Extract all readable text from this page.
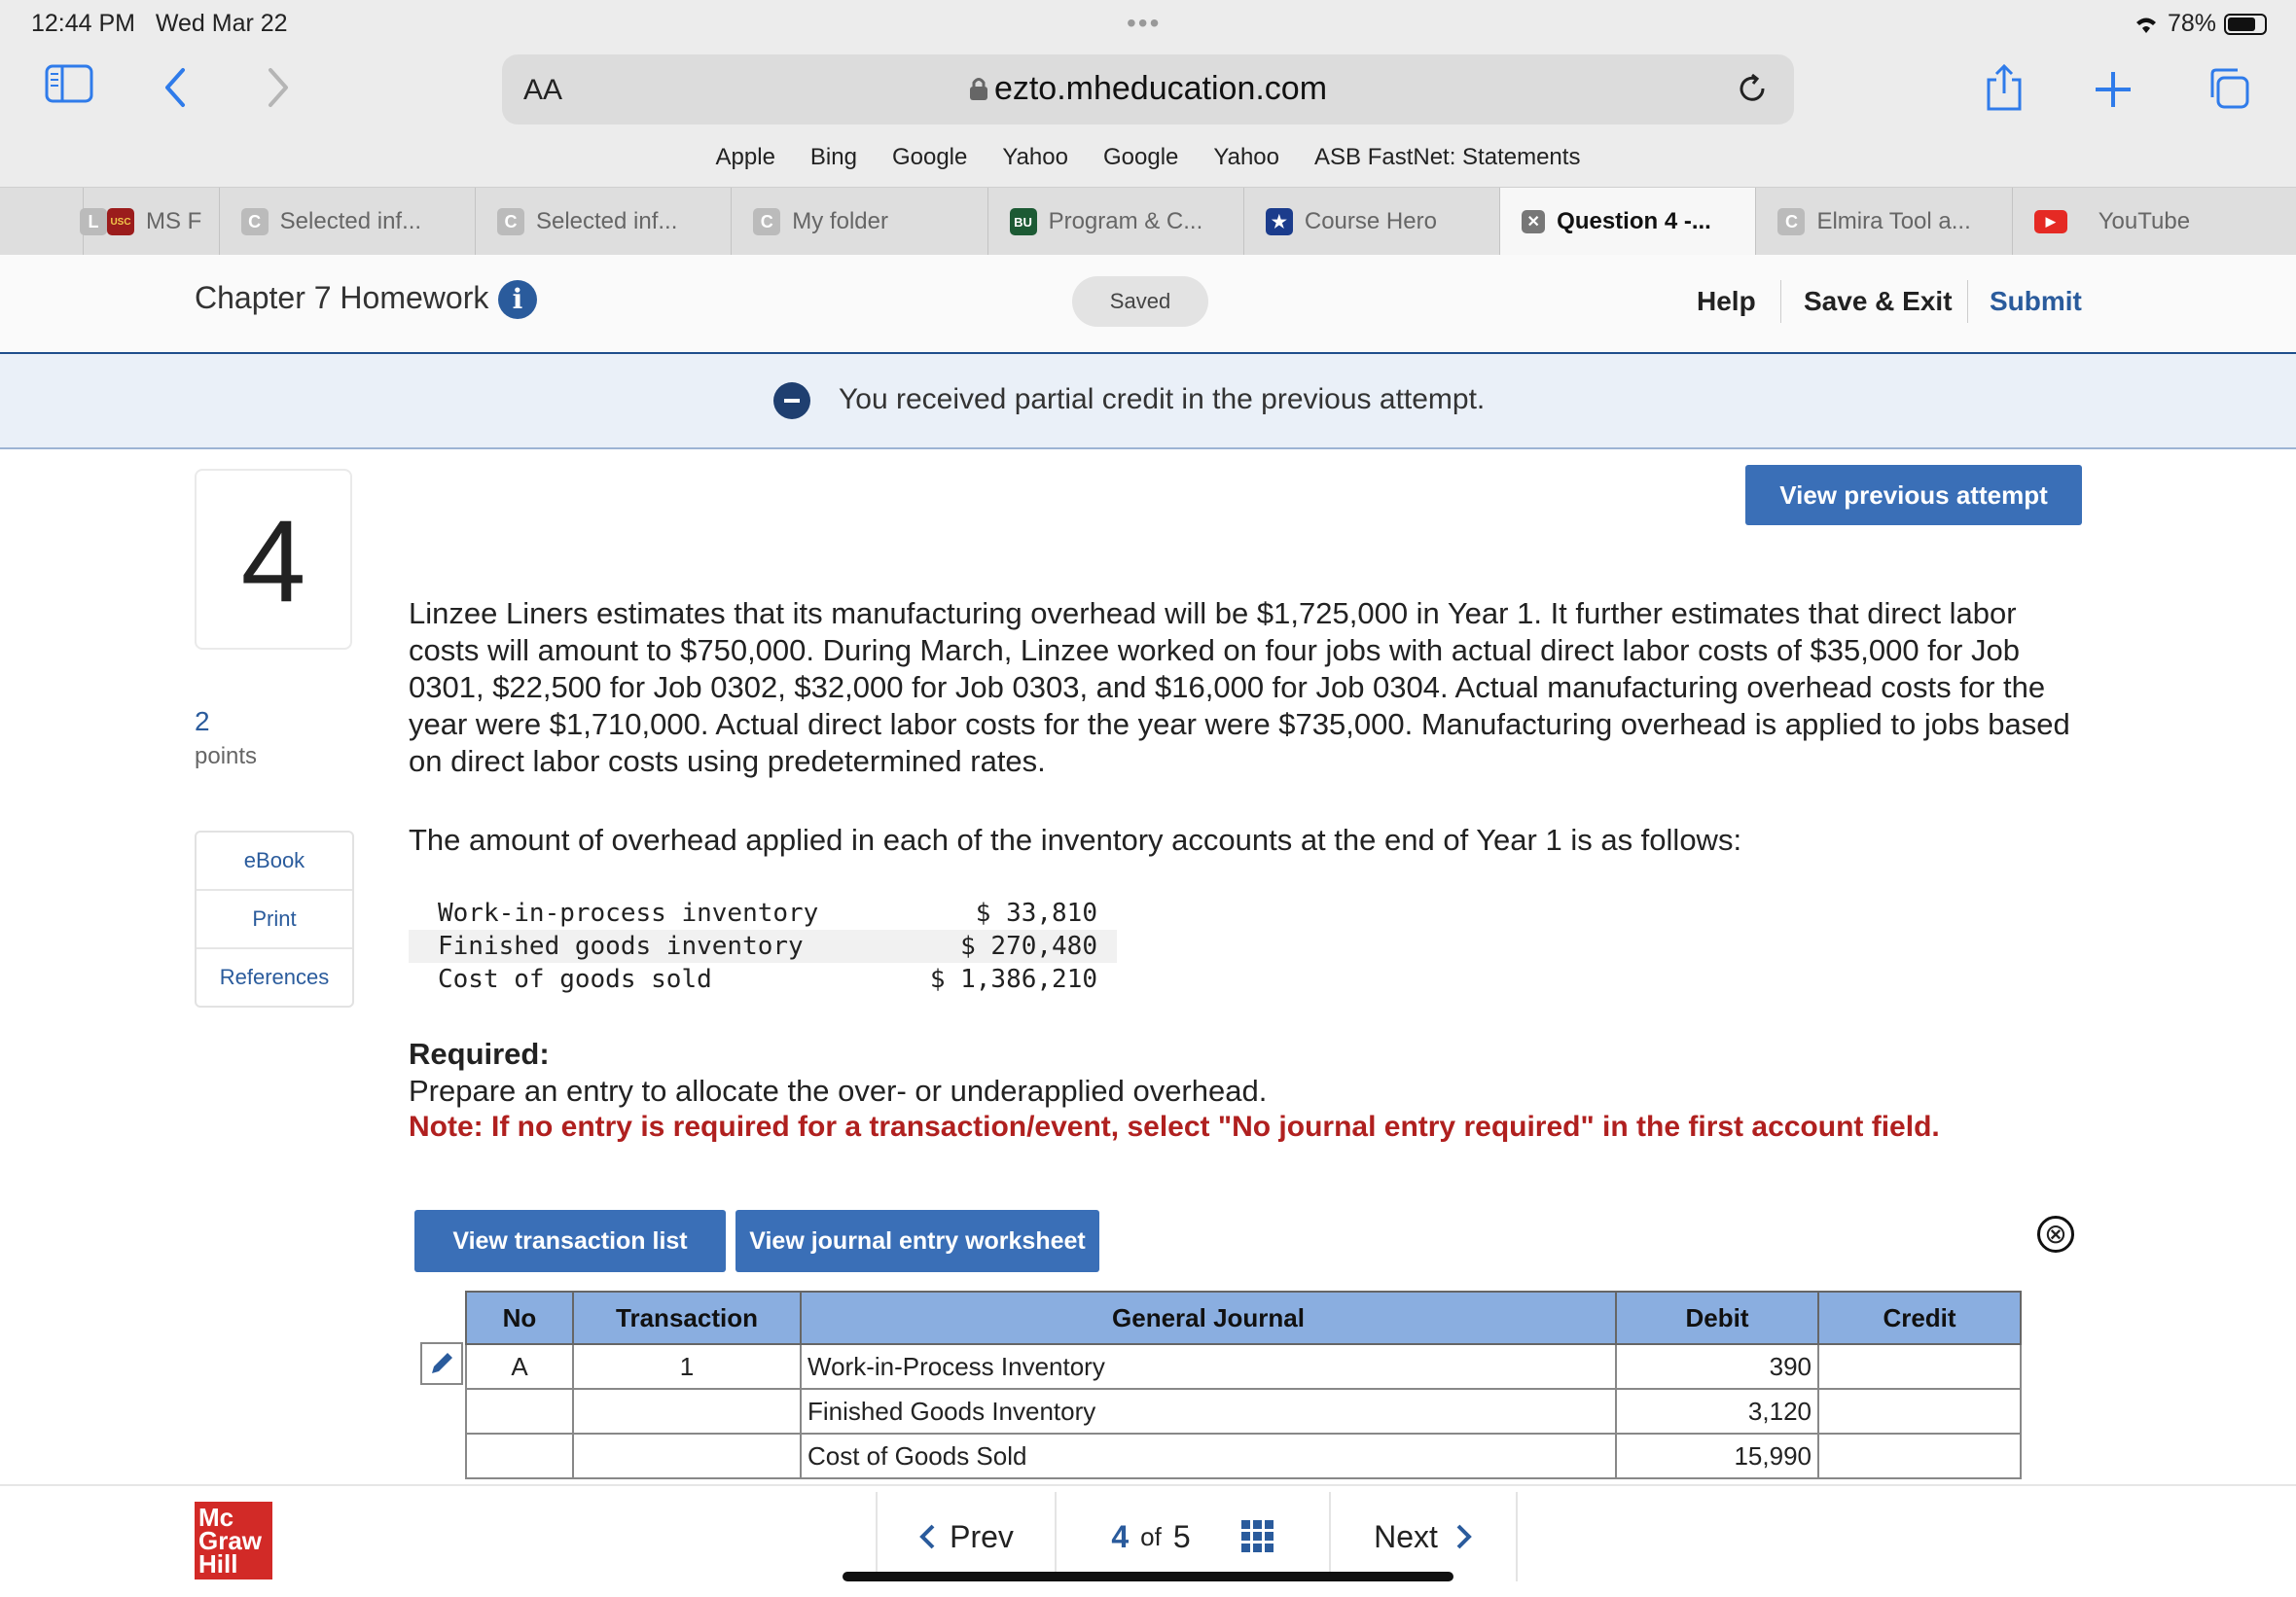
12:44 PM Wed Mar 22	•••	78%
AA	ezto.mheducation.com
Apple Bing Google Yahoo Google Yahoo ASB FastNet: Statements
L	USC MS F	C Selected inf...	C Selected inf...	C My folder	BU Program & C...	★ Course Hero	✕ Question 4 -...	C Elmira Tool a...	▶	YouTube
Chapter 7 Homework i	Saved	Help Save & Exit Submit
You received partial credit in the previous attempt.
4
2
points
eBook
Print
References
View previous attempt
Linzee Liners estimates that its manufacturing overhead will be $1,725,000 in Year 1. It further estimates that direct labor costs will amount to $750,000. During March, Linzee worked on four jobs with actual direct labor costs of $35,000 for Job 0301, $22,500 for Job 0302, $32,000 for Job 0303, and $16,000 for Job 0304. Actual manufacturing overhead costs for the year were $1,710,000. Actual direct labor costs for the year were $735,000. Manufacturing overhead is applied to jobs based on direct labor costs using predetermined rates.
The amount of overhead applied in each of the inventory accounts at the end of Year 1 is as follows:
Work-in-process inventory	$ 33,810
Finished goods inventory	$ 270,480
Cost of goods sold	$ 1,386,210
Required:
Prepare an entry to allocate the over- or underapplied overhead.
Note: If no entry is required for a transaction/event, select "No journal entry required" in the first account field.
View transaction list	View journal entry worksheet	⊗
No	Transaction	General Journal	Debit	Credit
A	1	Work-in-Process Inventory	390	
		Finished Goods Inventory	3,120	
		Cost of Goods Sold	15,990	
Mc
Graw
Hill
Prev	4 of 5	Next
